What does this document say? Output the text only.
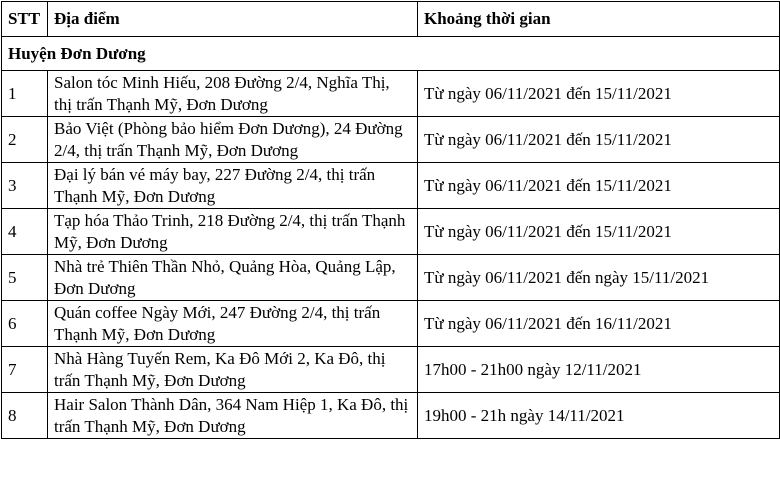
STT	Địa điểm	Khoảng thời gian
Huyện Đơn Dương		
1	Salon tóc Minh Hiếu, 208 Đường 2/4, Nghĩa Thị, thị trấn Thạnh Mỹ, Đơn Dương	Từ ngày 06/11/2021 đến 15/11/2021
2	Bảo Việt (Phòng bảo hiểm Đơn Dương), 24 Đường 2/4, thị trấn Thạnh Mỹ, Đơn Dương	Từ ngày 06/11/2021 đến 15/11/2021
3	Đại lý bán vé máy bay, 227 Đường 2/4, thị trấn Thạnh Mỹ, Đơn Dương	Từ ngày 06/11/2021 đến 15/11/2021
4	Tạp hóa Thảo Trinh, 218 Đường 2/4, thị trấn Thạnh Mỹ, Đơn Dương	Từ ngày 06/11/2021 đến 15/11/2021
5	Nhà trẻ Thiên Thần Nhỏ, Quảng Hòa, Quảng Lập, Đơn Dương	Từ ngày 06/11/2021 đến ngày 15/11/2021
6	Quán coffee Ngày Mới, 247 Đường 2/4, thị trấn Thạnh Mỹ, Đơn Dương	Từ ngày 06/11/2021 đến 16/11/2021
7	Nhà Hàng Tuyến Rem, Ka Đô Mới 2, Ka Đô, thị trấn Thạnh Mỹ, Đơn Dương	17h00 - 21h00 ngày 12/11/2021
8	Hair Salon Thành Dân, 364 Nam Hiệp 1, Ka Đô, thị trấn Thạnh Mỹ, Đơn Dương	19h00 - 21h ngày 14/11/2021
